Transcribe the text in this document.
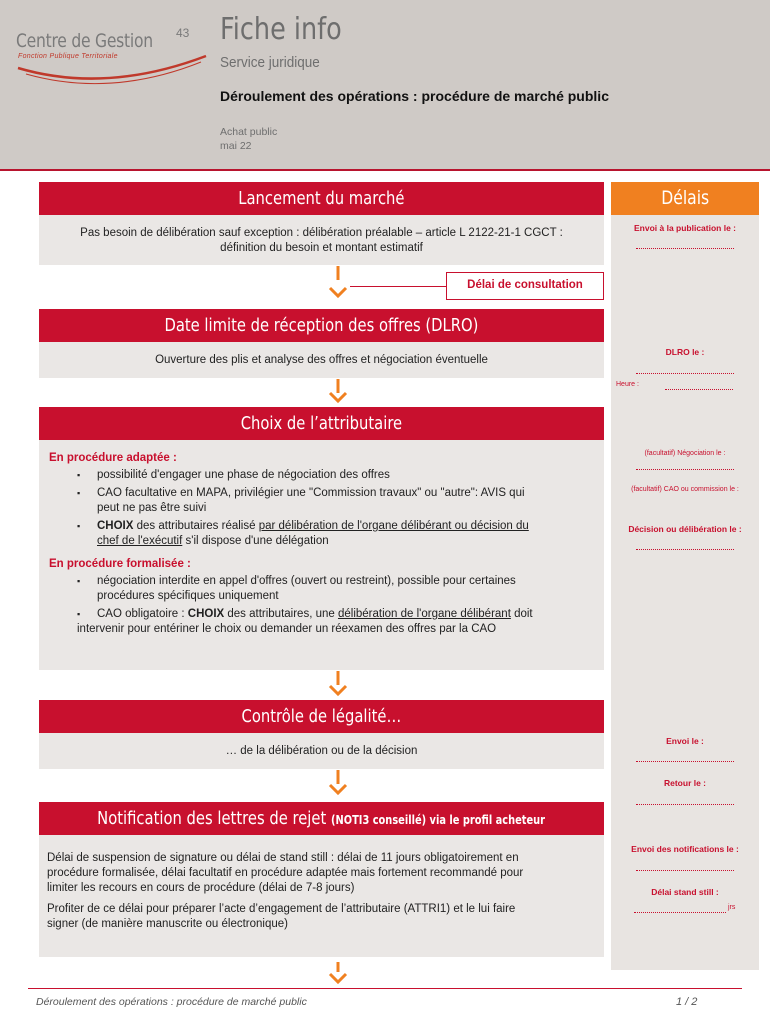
Centre de Gestion 43
Fonction Publique Territoriale
Fiche info
Service juridique
Déroulement des opérations : procédure de marché public
Achat public
mai 22
Lancement du marché
Pas besoin de délibération sauf exception : délibération préalable – article L 2122-21-1 CGCT :
définition du besoin et montant estimatif
Délai de consultation
Date limite de réception des offres (DLRO)
Ouverture des plis et analyse des offres et négociation éventuelle
Choix de l’attributaire
En procédure adaptée :
▪ possibilité d'engager une phase de négociation des offres
▪ CAO facultative en MAPA, privilégier une "Commission travaux" ou "autre": AVIS qui
peut ne pas être suivi
▪ CHOIX des attributaires réalisé par délibération de l'organe délibérant ou décision du
chef de l'exécutif s'il dispose d'une délégation
En procédure formalisée :
▪ négociation interdite en appel d'offres (ouvert ou restreint), possible pour certaines
procédures spécifiques uniquement
▪ CAO obligatoire : CHOIX des attributaires, une délibération de l'organe délibérant doit
intervenir pour entériner le choix ou demander un réexamen des offres par la CAO
Contrôle de légalité…
… de la délibération ou de la décision
Notification des lettres de rejet (NOTI3 conseillé) via le profil acheteur
Délai de suspension de signature ou délai de stand still : délai de 11 jours obligatoirement en
procédure formalisée, délai facultatif en procédure adaptée mais fortement recommandé pour
limiter les recours en cours de procédure (délai de 7-8 jours)
Profiter de ce délai pour préparer l’acte d’engagement de l’attributaire (ATTRI1) et le lui faire
signer (de manière manuscrite ou électronique)
Délais
Envoi à la publication le :
DLRO le :
Heure :
(facultatif) Négociation le :
(facultatif) CAO ou commission le :
Décision ou délibération le :
Envoi le :
Retour le :
Envoi des notifications le :
Délai stand still :
jrs
Déroulement des opérations : procédure de marché public	1 / 2
